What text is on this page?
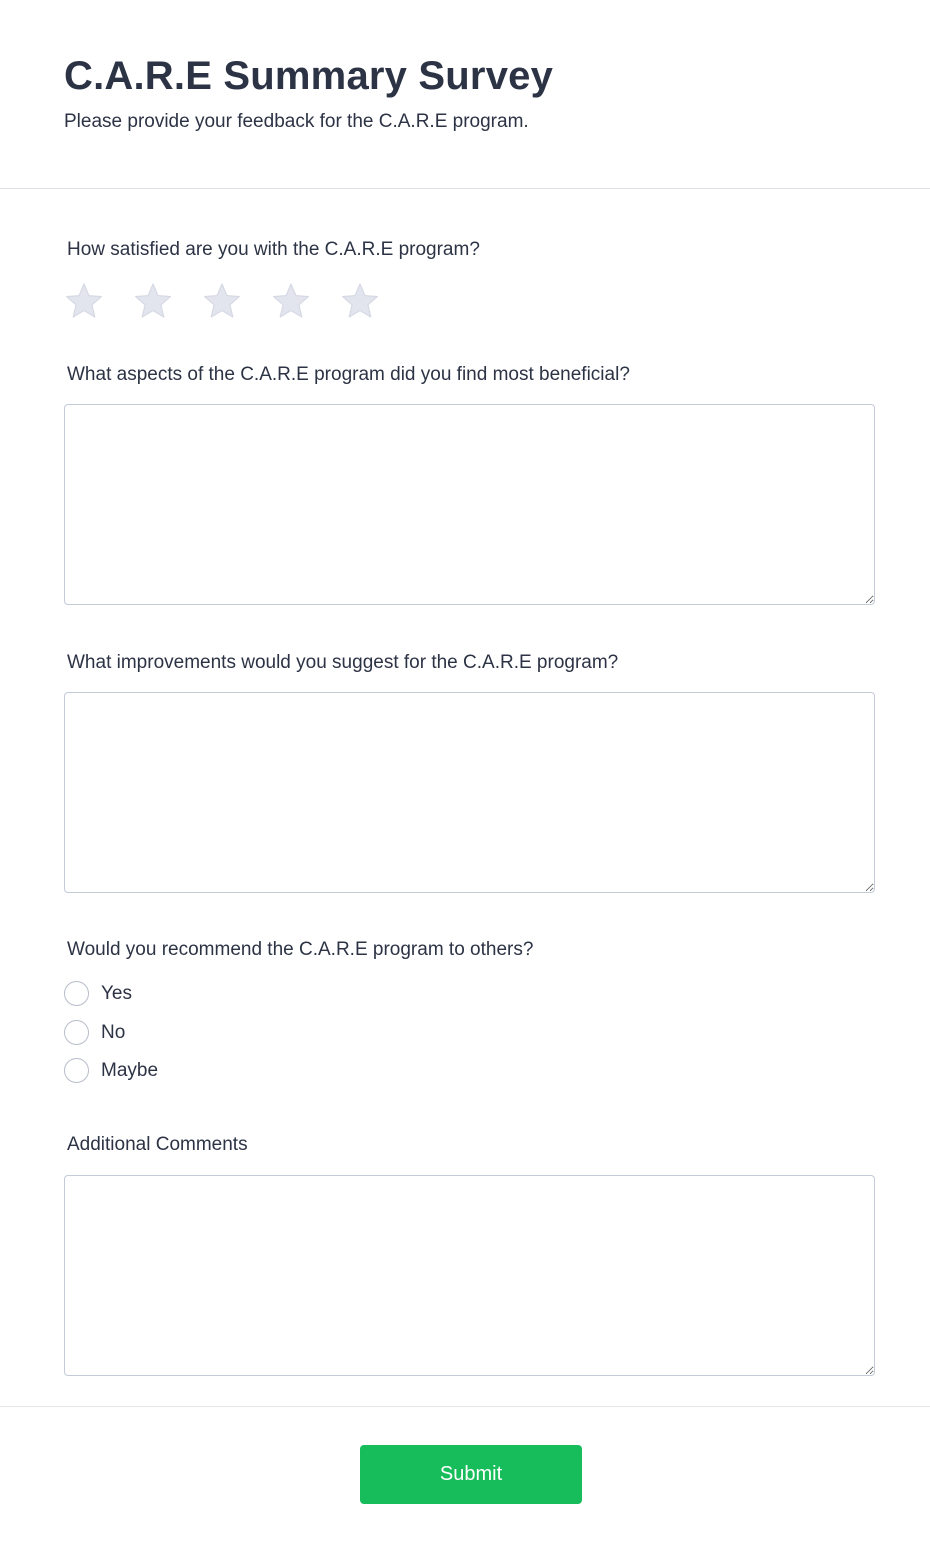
C.A.R.E Summary Survey

Please provide your feedback for the C.A.R.E program.

How satisfied are you with the C.A.R.E program?
What aspects of the C.A.R.E program did you find most beneficial?
What improvements would you suggest for the C.A.R.E program?
Would you recommend the C.A.R.E program to others?
Yes
No
Maybe
Additional Comments
Submit
